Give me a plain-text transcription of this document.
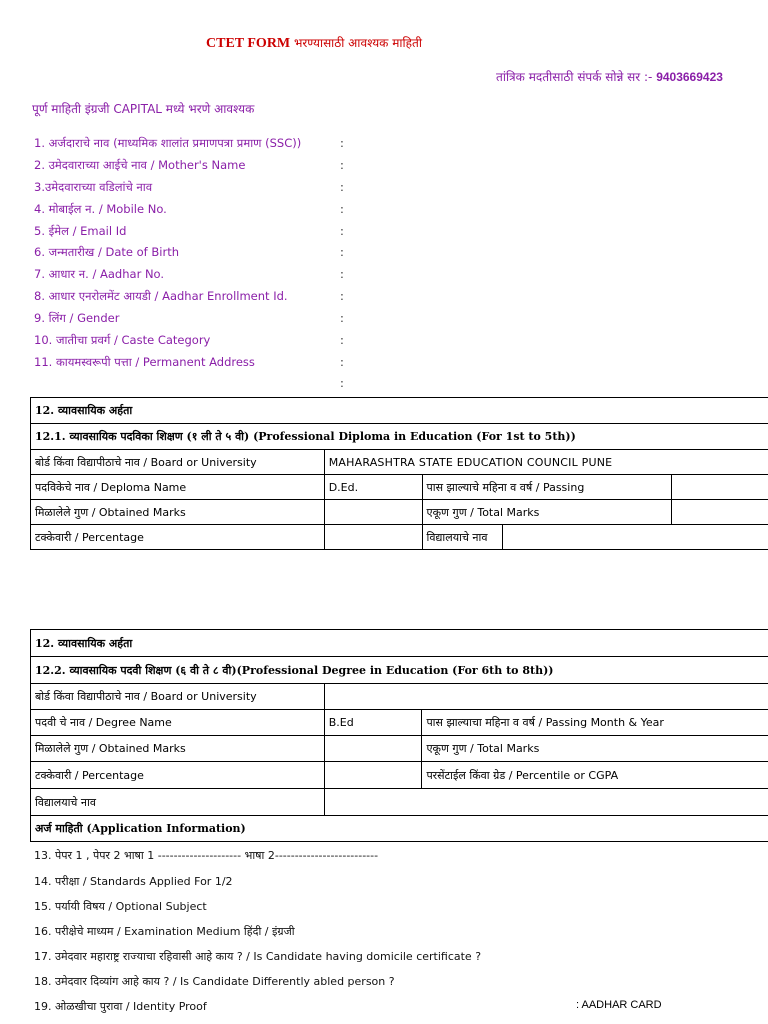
CTET FORM भरण्यासाठी आवश्यक माहिती
तांत्रिक मदतीसाठी संपर्क सोन्ने सर :- 9403669423
पूर्ण माहिती इंग्रजी CAPITAL मध्ये भरणे आवश्यक
1. अर्जदाराचे नाव (माध्यमिक शालांत प्रमाणपत्रा प्रमाण (SSC))
2. उमेदवाराच्या आईचे नाव / Mother's Name
3.उमेदवाराच्या वडिलांचे नाव
4. मोबाईल न. / Mobile No.
5. ईमेल / Email Id
6. जन्मतारीख / Date of Birth
7. आधार न. / Aadhar No.
8. आधार एनरोलमेंट आयडी / Aadhar Enrollment Id.
9. लिंग / Gender
10. जातीचा प्रवर्ग / Caste Category
11. कायमस्वरूपी पत्ता / Permanent Address
:
:
:
:
:
:
:
:
:
:
:
:
12. व्यावसायिक अर्हता				
12.1. व्यावसायिक पदविका शिक्षण (१ ली ते ५ वी) (Professional Diploma in Education (For 1st to 5th))				
बोर्ड किंवा विद्यापीठाचे नाव / Board or University	MAHARASHTRA STATE EDUCATION COUNCIL PUNE			
पदविकेचे नाव / Deploma Name	D.Ed.	पास झाल्याचे महिना व वर्ष / Passing		
मिळालेले गुण / Obtained Marks		एकूण गुण / Total Marks		
टक्केवारी / Percentage		विद्यालयाचे नाव		
12. व्यावसायिक अर्हता		
12.2. व्यावसायिक पदवी शिक्षण (६ वी ते ८ वी)(Professional Degree in Education (For 6th to 8th))		
बोर्ड किंवा विद्यापीठाचे नाव / Board or University		
पदवी चे नाव / Degree Name	B.Ed	पास झाल्याचा महिना व वर्ष / Passing Month & Year
मिळालेले गुण / Obtained Marks		एकूण गुण / Total Marks
टक्केवारी / Percentage		परसेंटाईल किंवा ग्रेड / Percentile or CGPA
विद्यालयाचे नाव		
अर्ज माहिती (Application Information)		
13. पेपर 1 , पेपर 2 भाषा 1 --------------------- भाषा 2--------------------------
14. परीक्षा / Standards Applied For 1/2
15. पर्यायी विषय / Optional Subject
16. परीक्षेचे माध्यम / Examination Medium हिंदी / इंग्रजी
17. उमेदवार महाराष्ट्र राज्याचा रहिवासी आहे काय ? / Is Candidate having domicile certificate ?
18. उमेदवार दिव्यांग आहे काय ? / Is Candidate Differently abled person ?
19. ओळखीचा पुरावा / Identity Proof	: AADHAR CARD
